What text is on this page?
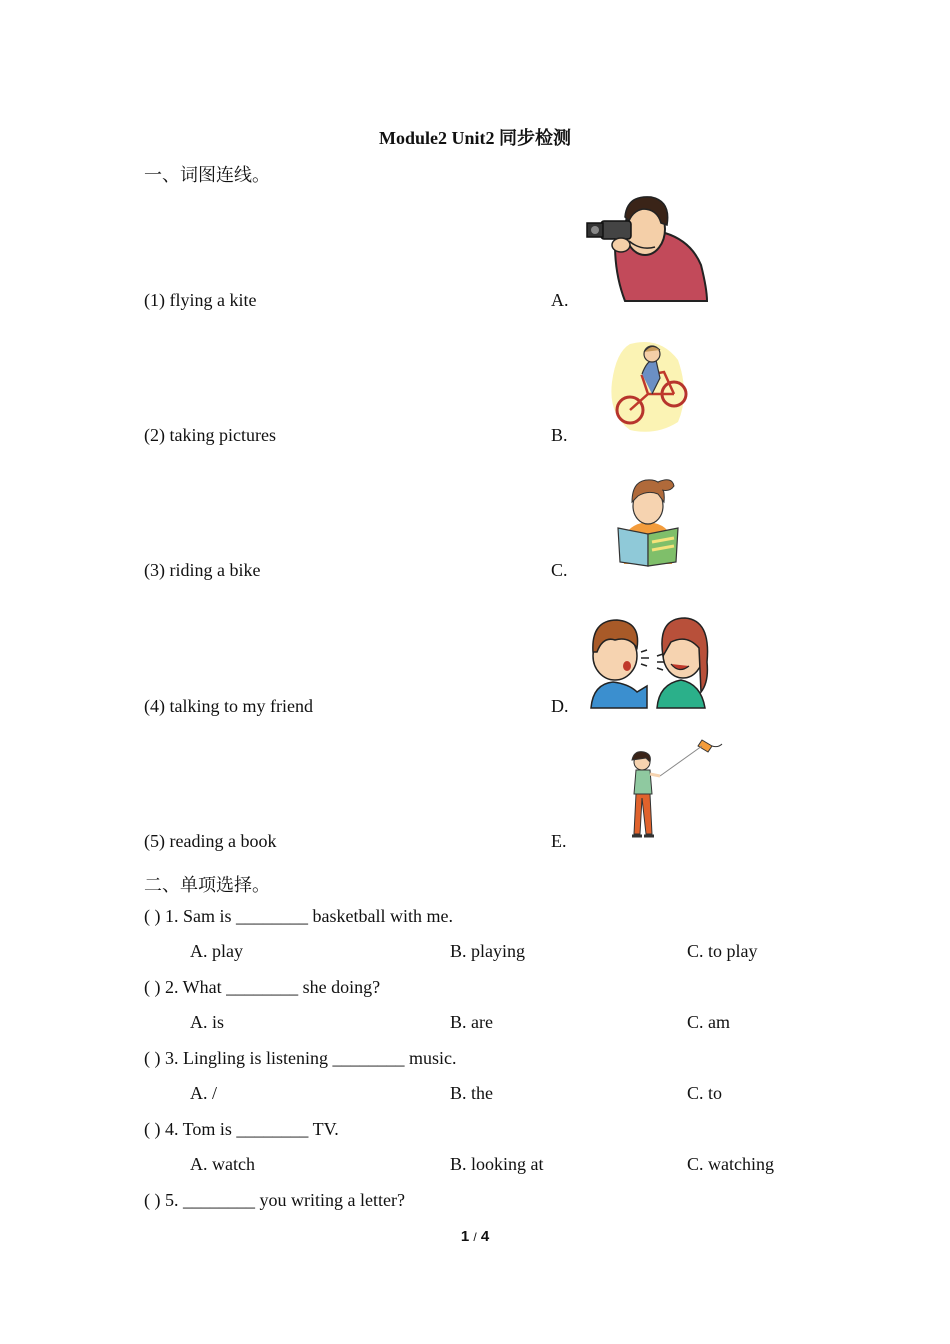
Module2 Unit2 同步检测
一、词图连线。
(1) flying a kite	A.
(2) taking pictures	B.
(3) riding a bike	C.
(4) talking to my friend	D.
(5) reading a book	E.
二、单项选择。
( ) 1. Sam is ________ basketball with me.
A. play	B. playing	C. to play
( ) 2. What ________ she doing?
A. is	B. are	C. am
( ) 3. Lingling is listening ________ music.
A. /	B. the	C. to
( ) 4. Tom is ________ TV.
A. watch	B. looking at	C. watching
( ) 5. ________ you writing a letter?
1 / 4
